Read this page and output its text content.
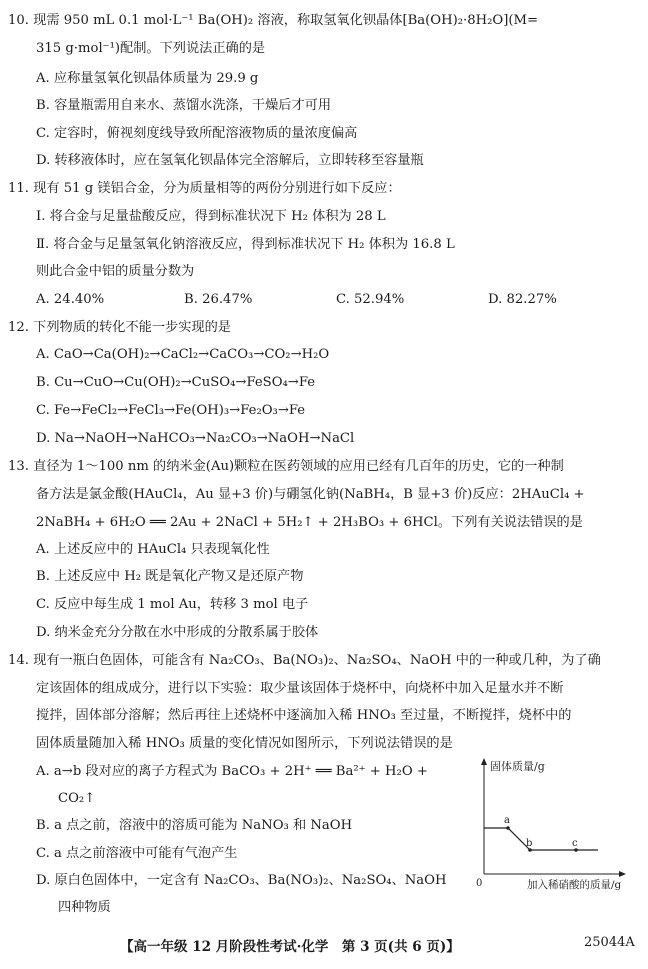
10. 现需 950 mL 0.1 mol·L⁻¹ Ba(OH)₂ 溶液，称取氢氧化钡晶体[Ba(OH)₂·8H₂O](M=
315 g·mol⁻¹)配制。下列说法正确的是
A. 应称量氢氧化钡晶体质量为 29.9 g
B. 容量瓶需用自来水、蒸馏水洗涤，干燥后才可用
C. 定容时，俯视刻度线导致所配溶液物质的量浓度偏高
D. 转移液体时，应在氢氧化钡晶体完全溶解后，立即转移至容量瓶
11. 现有 51 g 镁铝合金，分为质量相等的两份分别进行如下反应：
Ⅰ. 将合金与足量盐酸反应，得到标准状况下 H₂ 体积为 28 L
Ⅱ. 将合金与足量氢氧化钠溶液反应，得到标准状况下 H₂ 体积为 16.8 L
则此合金中铝的质量分数为
A. 24.40%	B. 26.47%	C. 52.94%	D. 82.27%
12. 下列物质的转化不能一步实现的是
A. CaO→Ca(OH)₂→CaCl₂→CaCO₃→CO₂→H₂O
B. Cu→CuO→Cu(OH)₂→CuSO₄→FeSO₄→Fe
C. Fe→FeCl₂→FeCl₃→Fe(OH)₃→Fe₂O₃→Fe
D. Na→NaOH→NaHCO₃→Na₂CO₃→NaOH→NaCl
13. 直径为 1～100 nm 的纳米金(Au)颗粒在医药领域的应用已经有几百年的历史，它的一种制
备方法是氯金酸(HAuCl₄，Au 显+3 价)与硼氢化钠(NaBH₄，B 显+3 价)反应：2HAuCl₄ +
2NaBH₄ + 6H₂O ══ 2Au + 2NaCl + 5H₂↑ + 2H₃BO₃ + 6HCl。下列有关说法错误的是
A. 上述反应中的 HAuCl₄ 只表现氧化性
B. 上述反应中 H₂ 既是氧化产物又是还原产物
C. 反应中每生成 1 mol Au，转移 3 mol 电子
D. 纳米金充分分散在水中形成的分散系属于胶体
14. 现有一瓶白色固体，可能含有 Na₂CO₃、Ba(NO₃)₂、Na₂SO₄、NaOH 中的一种或几种，为了确
定该固体的组成成分，进行以下实验：取少量该固体于烧杯中，向烧杯中加入足量水并不断
搅拌，固体部分溶解；然后再往上述烧杯中逐滴加入稀 HNO₃ 至过量，不断搅拌，烧杯中的
固体质量随加入稀 HNO₃ 质量的变化情况如图所示，下列说法错误的是
A. a→b 段对应的离子方程式为 BaCO₃ + 2H⁺ ══ Ba²⁺ + H₂O +
CO₂↑
B. a 点之前，溶液中的溶质可能为 NaNO₃ 和 NaOH
C. a 点之前溶液中可能有气泡产生
D. 原白色固体中，一定含有 Na₂CO₃、Ba(NO₃)₂、Na₂SO₄、NaOH
四种物质
固体质量/g
加入稀硝酸的质量/g
0
a
b	c
【高一年级 12 月阶段性考试·化学　第 3 页(共 6 页)】	25044A
